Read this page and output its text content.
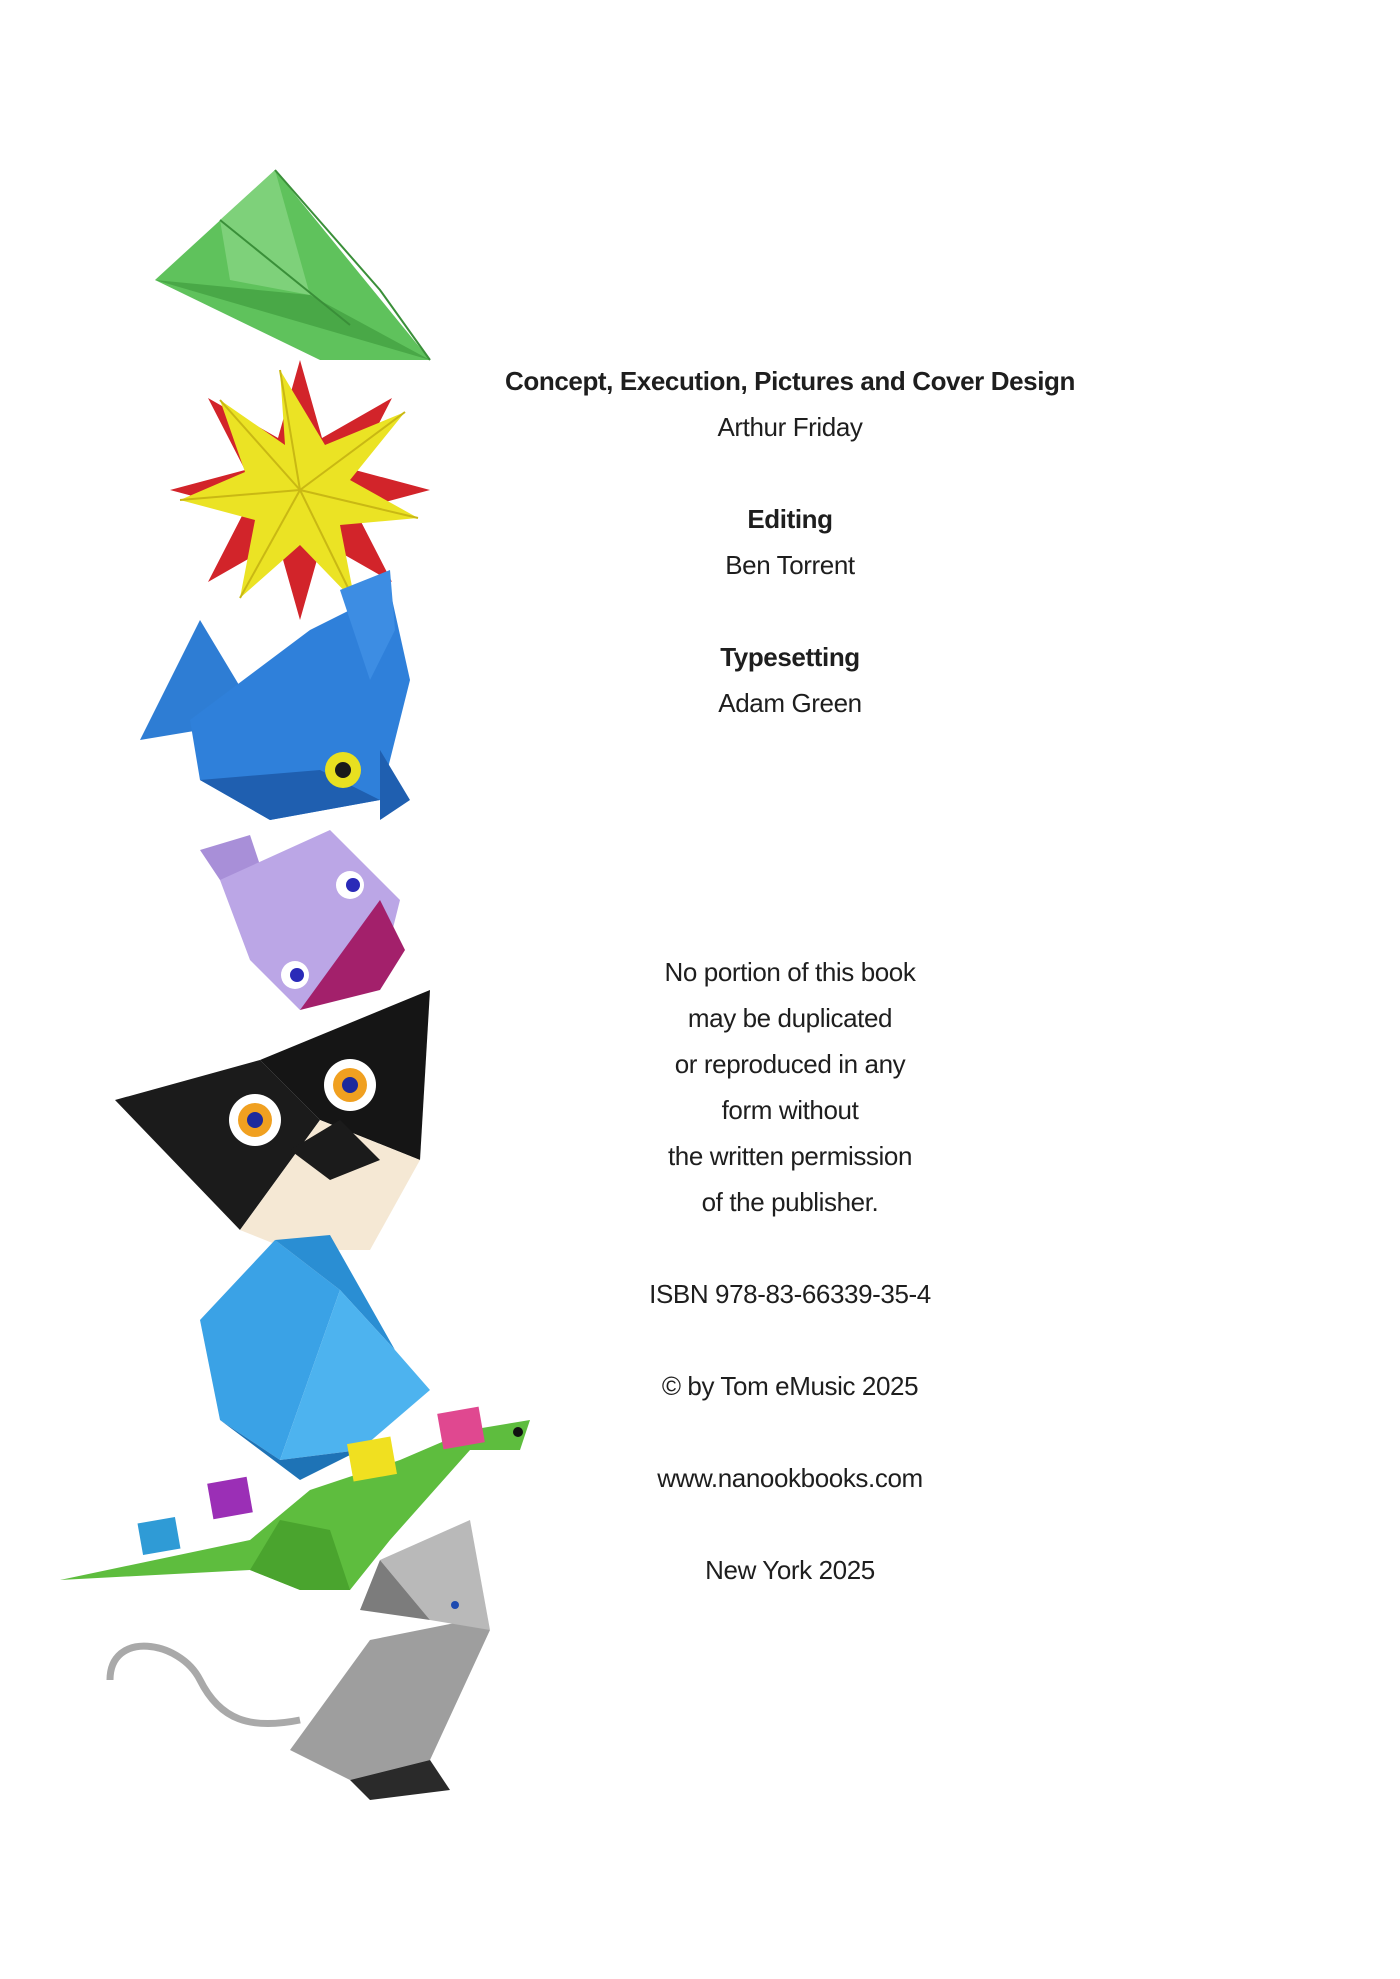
Concept, Execution, Pictures and Cover Design
Arthur Friday
Editing
Ben Torrent
Typesetting
Adam Green
No portion of this book
may be duplicated
or reproduced in any
form without
the written permission
of the publisher.
ISBN 978-83-66339-35-4
© by Tom eMusic 2025
www.nanookbooks.com
New York 2025
